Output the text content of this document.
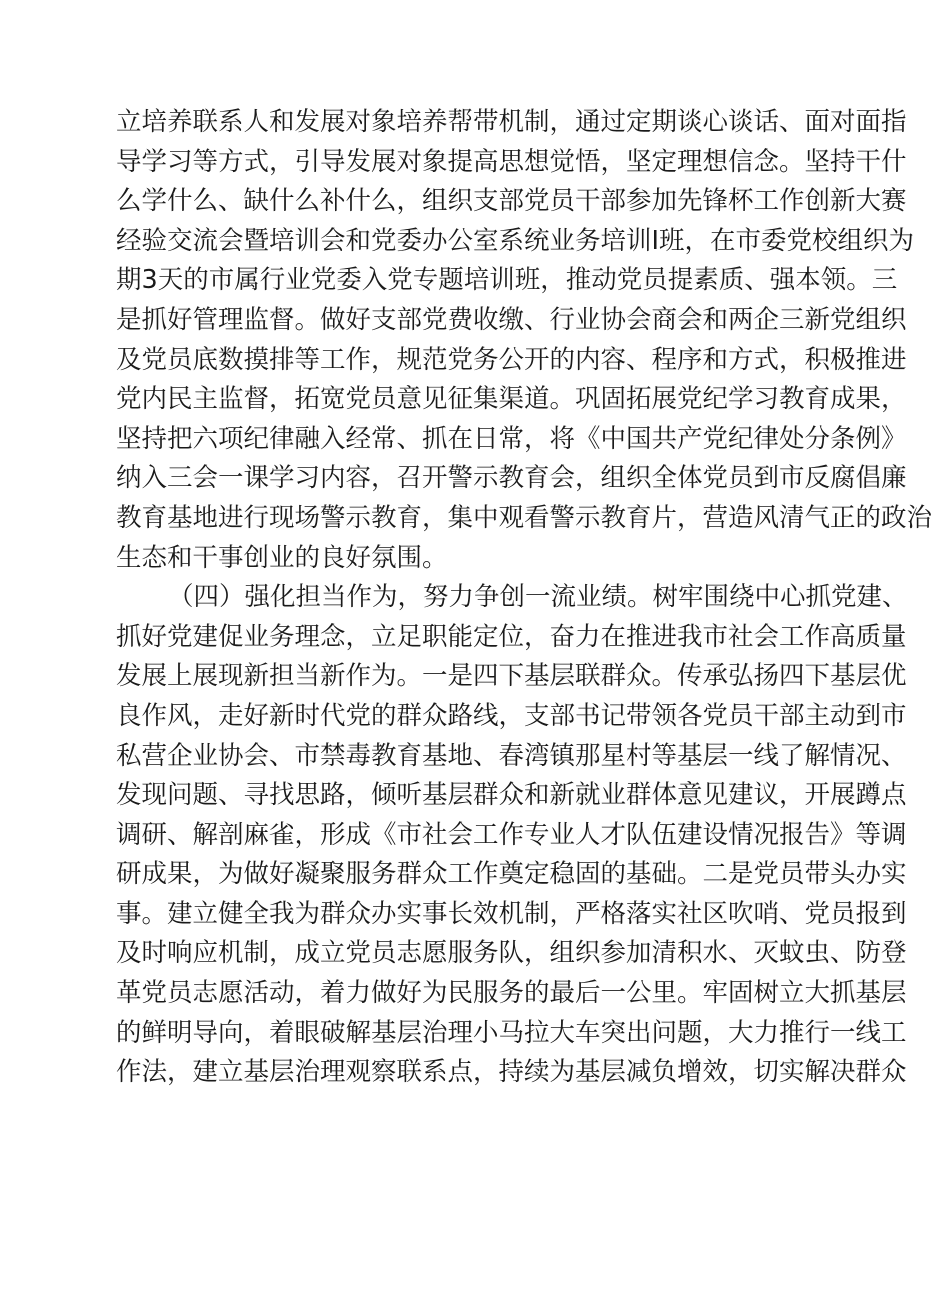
立培养联系人和发展对象培养帮带机制，通过定期谈心谈话、面对面指
导学习等方式，引导发展对象提高思想觉悟，坚定理想信念。坚持干什
么学什么、缺什么补什么，组织支部党员干部参加先锋杯工作创新大赛
经验交流会暨培训会和党委办公室系统业务培训Ⅰ班，在市委党校组织为
期3天的市属行业党委入党专题培训班，推动党员提素质、强本领。三
是抓好管理监督。做好支部党费收缴、行业协会商会和两企三新党组织
及党员底数摸排等工作，规范党务公开的内容、程序和方式，积极推进
党内民主监督，拓宽党员意见征集渠道。巩固拓展党纪学习教育成果，
坚持把六项纪律融入经常、抓在日常，将《中国共产党纪律处分条例》
纳入三会一课学习内容，召开警示教育会，组织全体党员到市反腐倡廉
教育基地进行现场警示教育，集中观看警示教育片，营造风清气正的政治
生态和干事创业的良好氛围。
（四）强化担当作为，努力争创一流业绩。树牢围绕中心抓党建、
抓好党建促业务理念，立足职能定位，奋力在推进我市社会工作高质量
发展上展现新担当新作为。一是四下基层联群众。传承弘扬四下基层优
良作风，走好新时代党的群众路线，支部书记带领各党员干部主动到市
私营企业协会、市禁毒教育基地、春湾镇那星村等基层一线了解情况、
发现问题、寻找思路，倾听基层群众和新就业群体意见建议，开展蹲点
调研、解剖麻雀，形成《市社会工作专业人才队伍建设情况报告》等调
研成果，为做好凝聚服务群众工作奠定稳固的基础。二是党员带头办实
事。建立健全我为群众办实事长效机制，严格落实社区吹哨、党员报到
及时响应机制，成立党员志愿服务队，组织参加清积水、灭蚊虫、防登
革党员志愿活动，着力做好为民服务的最后一公里。牢固树立大抓基层
的鲜明导向，着眼破解基层治理小马拉大车突出问题，大力推行一线工
作法，建立基层治理观察联系点，持续为基层减负增效，切实解决群众
